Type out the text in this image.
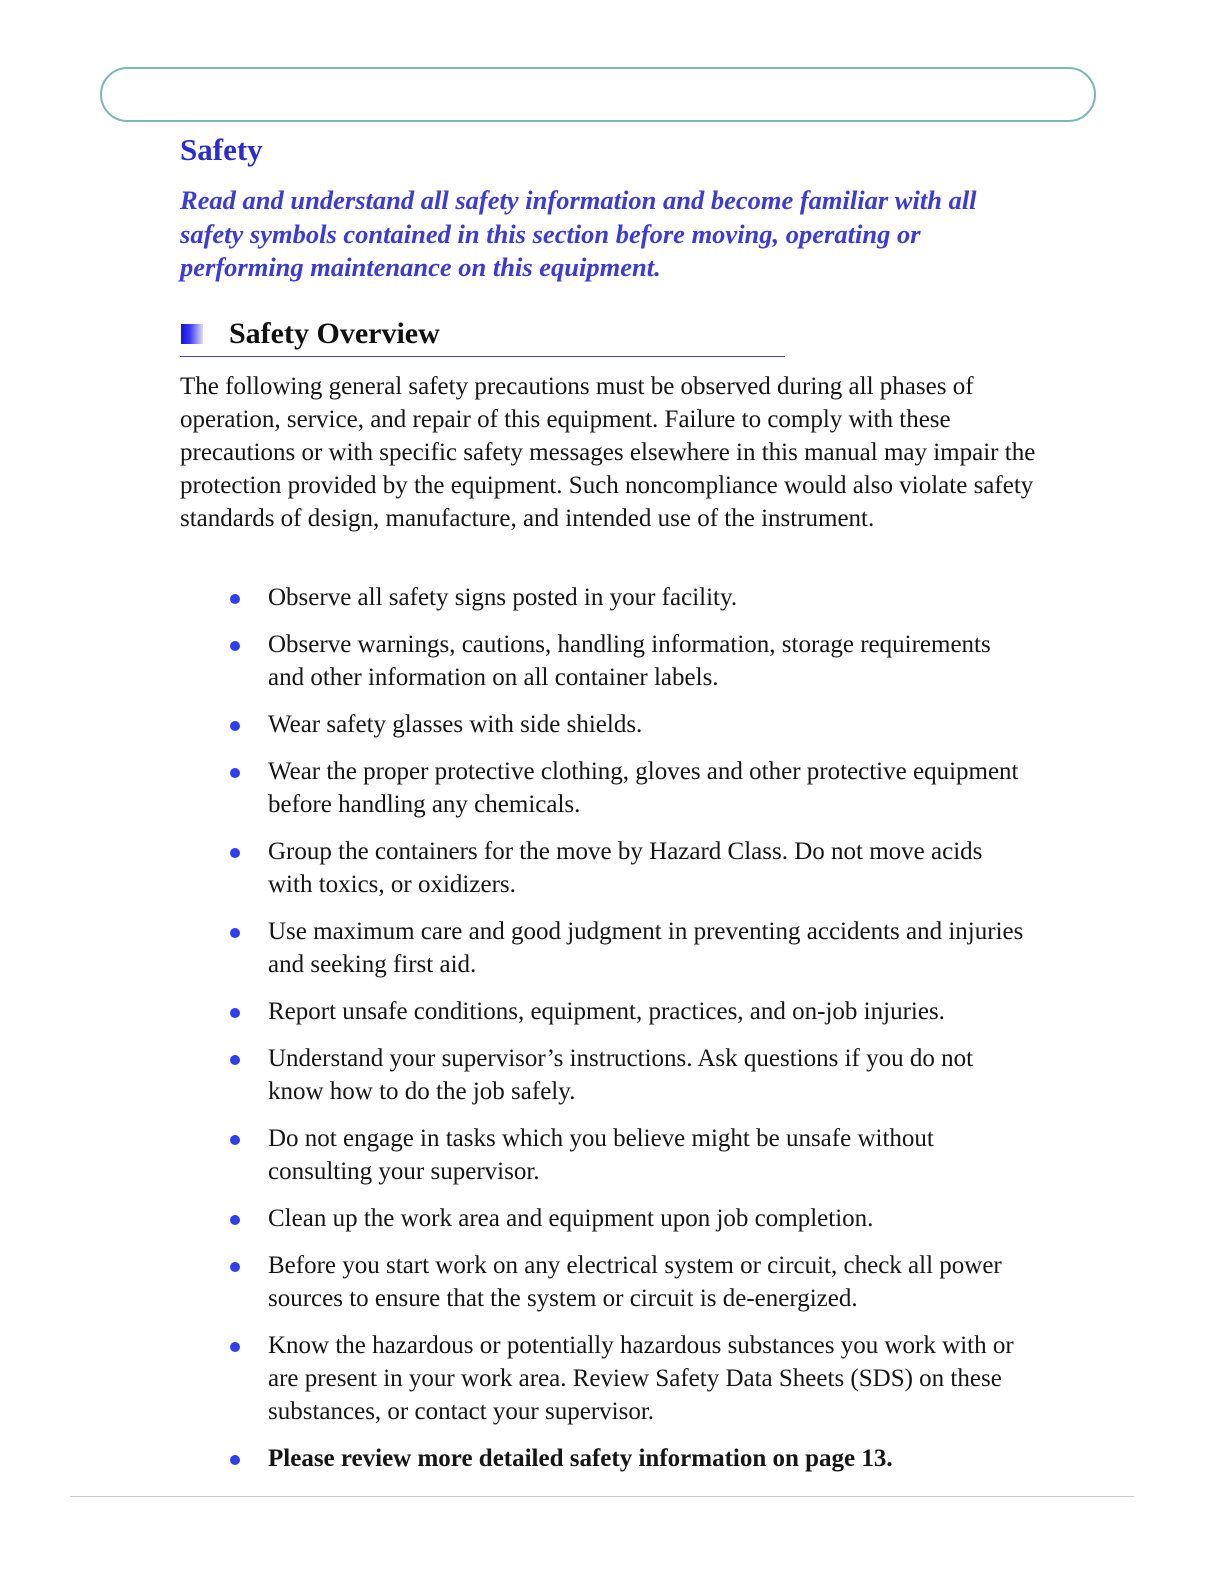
Safety

Read and understand all safety information and become familiar with all safety symbols contained in this section before moving, operating or performing maintenance on this equipment.

Safety Overview

The following general safety precautions must be observed during all phases of operation, service, and repair of this equipment. Failure to comply with these precautions or with specific safety messages elsewhere in this manual may impair the protection provided by the equipment. Such noncompliance would also violate safety standards of design, manufacture, and intended use of the instrument.

Observe all safety signs posted in your facility.
Observe warnings, cautions, handling information, storage requirements and other information on all container labels.
Wear safety glasses with side shields.
Wear the proper protective clothing, gloves and other protective equipment before handling any chemicals.
Group the containers for the move by Hazard Class. Do not move acids with toxics, or oxidizers.
Use maximum care and good judgment in preventing accidents and injuries and seeking first aid.
Report unsafe conditions, equipment, practices, and on-job injuries.
Understand your supervisor’s instructions. Ask questions if you do not know how to do the job safely.
Do not engage in tasks which you believe might be unsafe without consulting your supervisor.
Clean up the work area and equipment upon job completion.
Before you start work on any electrical system or circuit, check all power sources to ensure that the system or circuit is de-energized.
Know the hazardous or potentially hazardous substances you work with or are present in your work area. Review Safety Data Sheets (SDS) on these substances, or contact your supervisor.
Please review more detailed safety information on page 13.
